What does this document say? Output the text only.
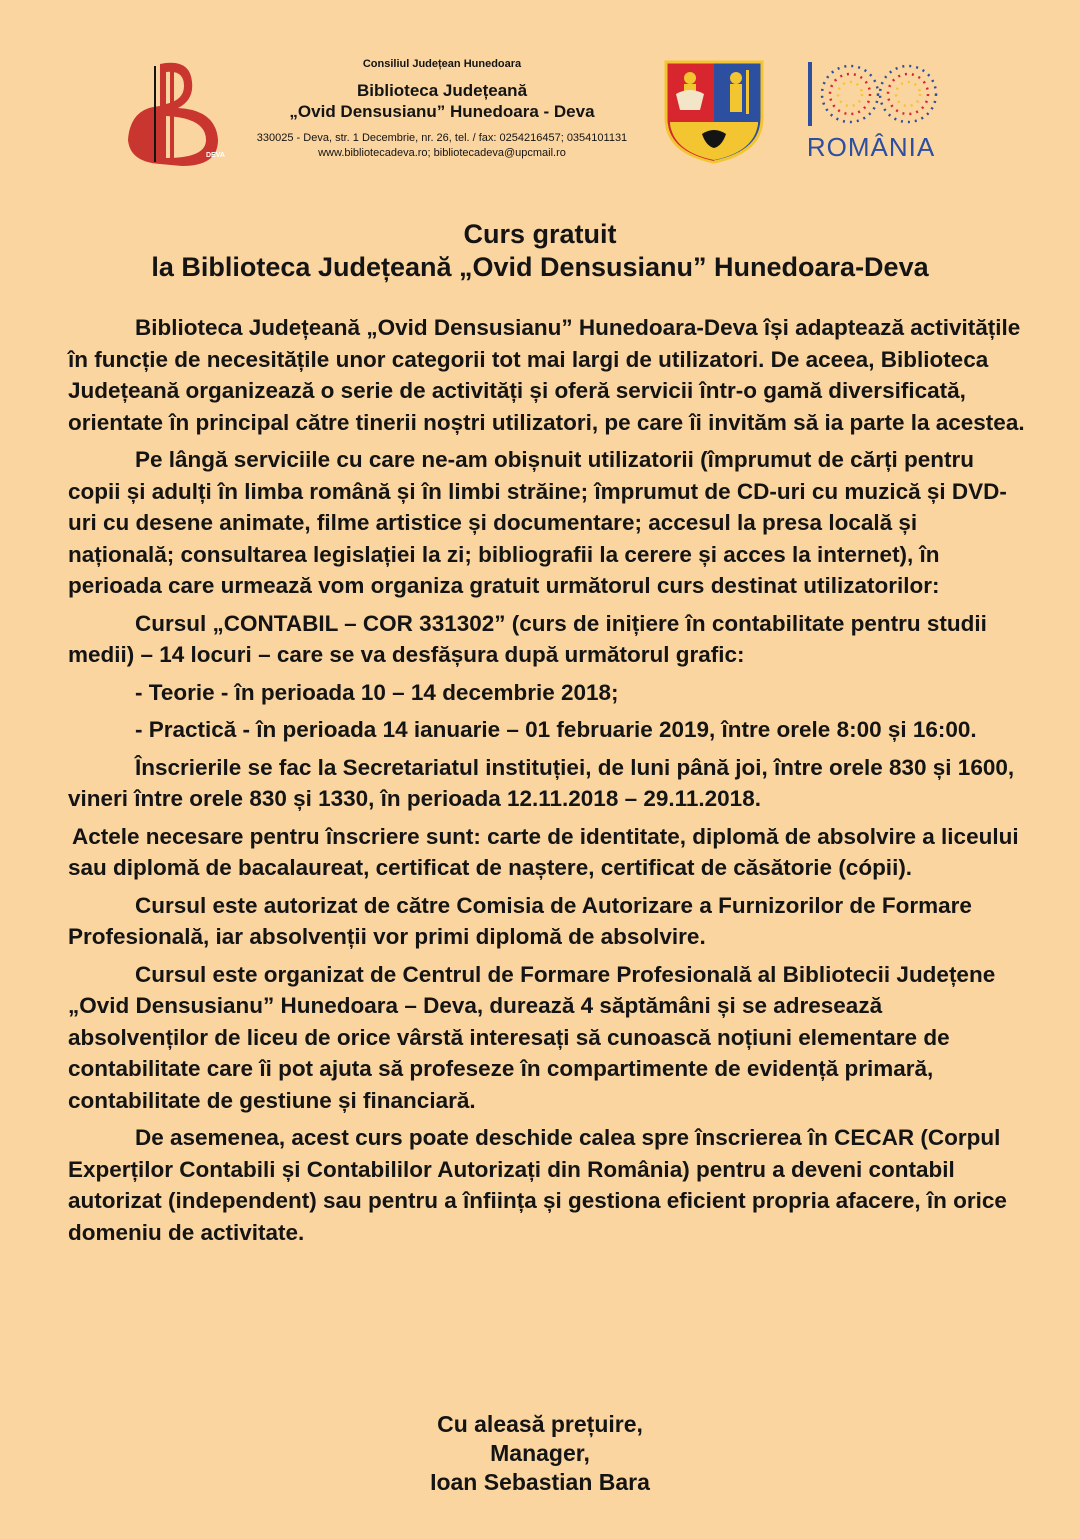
DEVA

Consiliul Județean Hunedoara

Biblioteca Județeană

„Ovid Densusianu” Hunedoara - Deva

330025 - Deva, str. 1 Decembrie, nr. 26, tel. / fax: 0254216457; 0354101131

www.bibliotecadeva.ro; bibliotecadeva@upcmail.ro	ROMÂNIA
Curs gratuit
la Biblioteca Județeană „Ovid Densusianu” Hunedoara-Deva

Biblioteca Județeană „Ovid Densusianu” Hunedoara-Deva își adaptează activitățile în funcție de necesitățile unor categorii tot mai largi de utilizatori. De aceea, Biblioteca Județeană organizează o serie de activități și oferă servicii într-o gamă diversificată, orientate în principal către tinerii noștri utilizatori, pe care îi invităm să ia parte la acestea.

Pe lângă serviciile cu care ne-am obișnuit utilizatorii (împrumut de cărți pentru copii și adulți în limba română și în limbi străine; împrumut de CD-uri cu muzică și DVD-uri cu desene animate, filme artistice și documentare; accesul la presa locală și națională; consultarea legislației la zi; bibliografii la cerere și acces la internet), în perioada care urmează vom organiza gratuit următorul curs destinat utilizatorilor:

Cursul „CONTABIL – COR 331302” (curs de inițiere în contabilitate pentru studii medii) – 14 locuri – care se va desfășura după următorul grafic:

- Teorie - în perioada 10 – 14 decembrie 2018;

- Practică - în perioada 14 ianuarie – 01 februarie 2019, între orele 8:00 și 16:00.

Înscrierile se fac la Secretariatul instituției, de luni până joi, între orele 830 și 1600, vineri între orele 830 și 1330, în perioada 12.11.2018 – 29.11.2018.

Actele necesare pentru înscriere sunt: carte de identitate, diplomă de absolvire a liceului sau diplomă de bacalaureat, certificat de naștere, certificat de căsătorie (cópii).

Cursul este autorizat de către Comisia de Autorizare a Furnizorilor de Formare Profesională, iar absolvenții vor primi diplomă de absolvire.

Cursul este organizat de Centrul de Formare Profesională al Bibliotecii Județene „Ovid Densusianu” Hunedoara – Deva, durează 4 săptămâni și se adresează absolvenților de liceu de orice vârstă interesați să cunoască noțiuni elementare de contabilitate care îi pot ajuta să profeseze în compartimente de evidență primară, contabilitate de gestiune și financiară.

De asemenea, acest curs poate deschide calea spre înscrierea în CECAR (Corpul Experților Contabili și Contabililor Autorizați din România) pentru a deveni contabil autorizat (independent) sau pentru a înființa și gestiona eficient propria afacere, în orice domeniu de activitate.

Cu aleasă prețuire,
Manager,
Ioan Sebastian Bara
